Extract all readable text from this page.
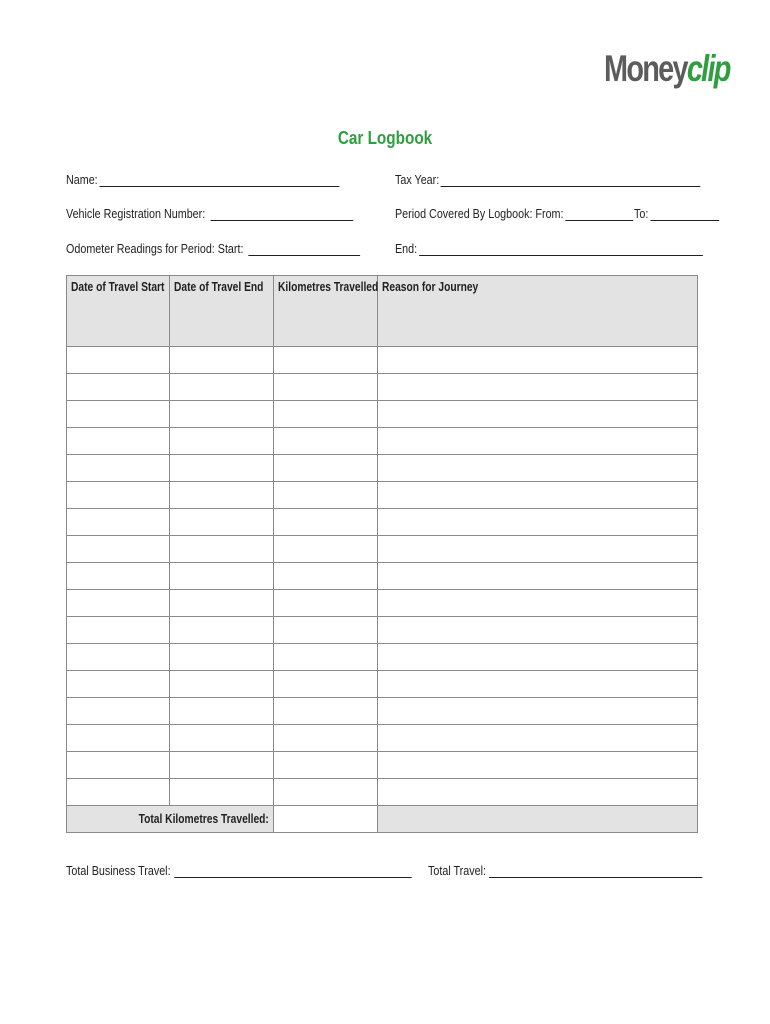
Moneyclip
Car Logbook
Name:	Tax Year:
Vehicle Registration Number:	Period Covered By Logbook: From:	To:
Odometer Readings for Period: Start:	End:
Date of Travel Start	Date of Travel End	Kilometres Travelled	Reason for Journey

Total Kilometres Travelled:			
Total Business Travel:	Total Travel:
